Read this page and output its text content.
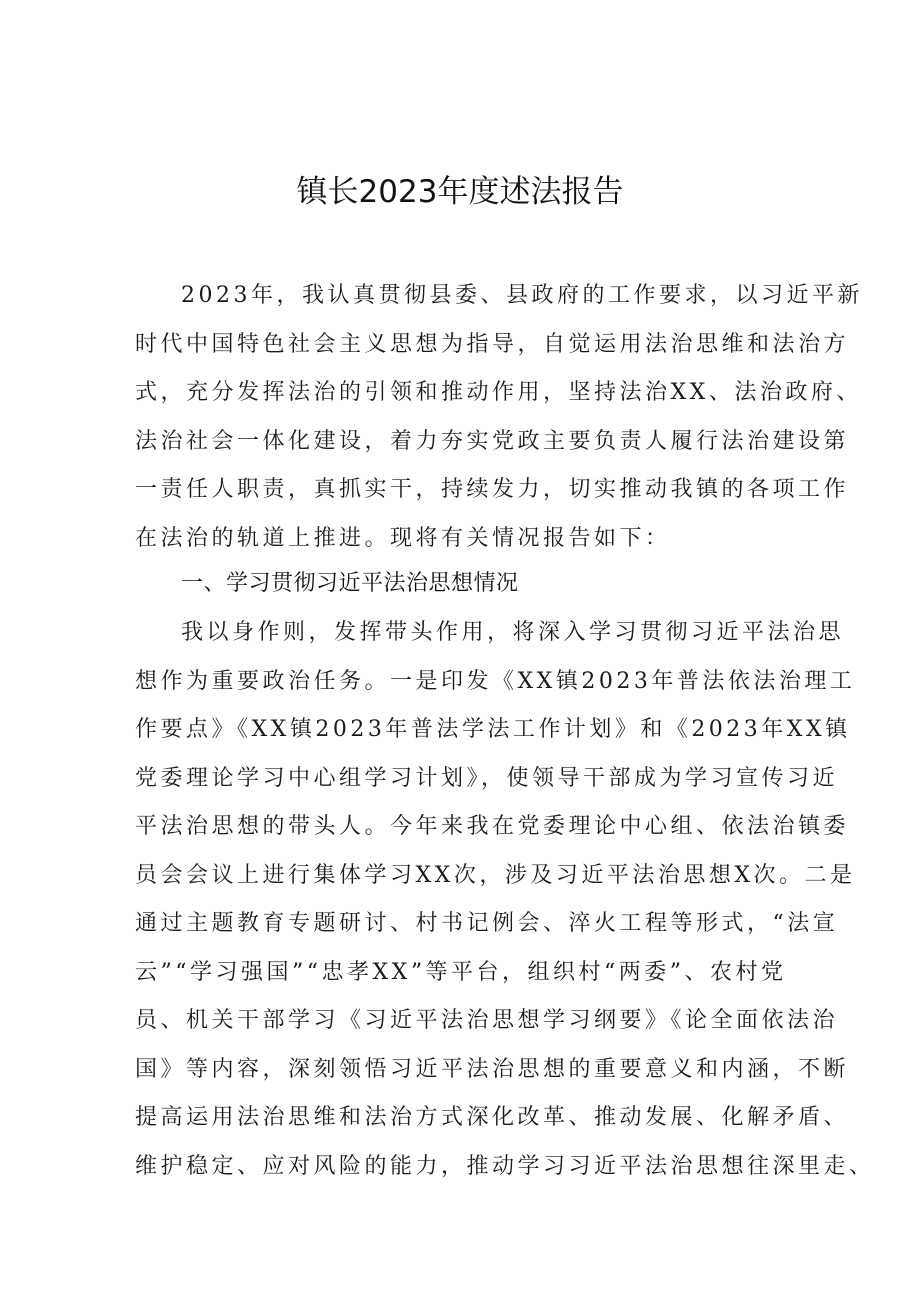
镇长2023年度述法报告
2023年，我认真贯彻县委、县政府的工作要求，以习近平新
时代中国特色社会主义思想为指导，自觉运用法治思维和法治方
式，充分发挥法治的引领和推动作用，坚持法治XX、法治政府、
法治社会一体化建设，着力夯实党政主要负责人履行法治建设第
一责任人职责，真抓实干，持续发力，切实推动我镇的各项工作
在法治的轨道上推进。现将有关情况报告如下：
一、学习贯彻习近平法治思想情况
我以身作则，发挥带头作用，将深入学习贯彻习近平法治思
想作为重要政治任务。一是印发《XX镇2023年普法依法治理工
作要点》《XX镇2023年普法学法工作计划》和《2023年XX镇
党委理论学习中心组学习计划》，使领导干部成为学习宣传习近
平法治思想的带头人。今年来我在党委理论中心组、依法治镇委
员会会议上进行集体学习XX次，涉及习近平法治思想X次。二是
通过主题教育专题研讨、村书记例会、淬火工程等形式，“法宣
云”“学习强国”“忠孝XX”等平台，组织村“两委”、农村党
员、机关干部学习《习近平法治思想学习纲要》《论全面依法治
国》等内容，深刻领悟习近平法治思想的重要意义和内涵，不断
提高运用法治思维和法治方式深化改革、推动发展、化解矛盾、
维护稳定、应对风险的能力，推动学习习近平法治思想往深里走、
